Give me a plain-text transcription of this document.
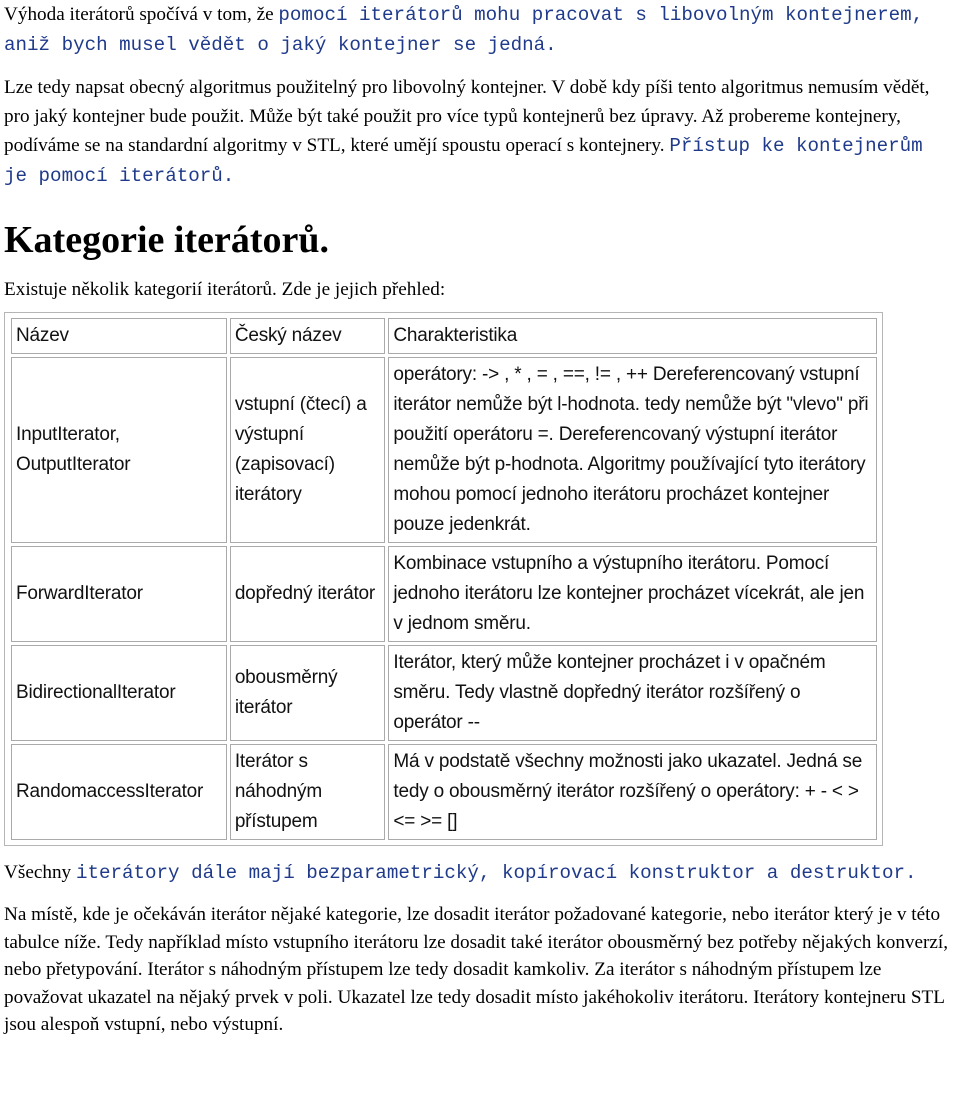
Výhoda iterátorů spočívá v tom, že pomocí iterátorů mohu pracovat s libovolným kontejnerem, aniž bych musel vědět o jaký kontejner se jedná.

Lze tedy napsat obecný algoritmus použitelný pro libovolný kontejner. V době kdy píši tento algoritmus nemusím vědět, pro jaký kontejner bude použit. Může být také použit pro více typů kontejnerů bez úpravy. Až probereme kontejnery, podíváme se na standardní algoritmy v STL, které umějí spoustu operací s kontejnery. Přístup ke kontejnerům je pomocí iterátorů.

Kategorie iterátorů.

Existuje několik kategorií iterátorů. Zde je jejich přehled:

Název	Český název	Charakteristika
InputIterator, OutputIterator	vstupní (čtecí) a výstupní (zapisovací) iterátory	operátory: -> , * , = , ==, != , ++ Dereferencovaný vstupní iterátor nemůže být l-hodnota. tedy nemůže být "vlevo" při použití operátoru =. Dereferencovaný výstupní iterátor nemůže být p-hodnota. Algoritmy používající tyto iterátory mohou pomocí jednoho iterátoru procházet kontejner pouze jedenkrát.
ForwardIterator	dopředný iterátor	Kombinace vstupního a výstupního iterátoru. Pomocí jednoho iterátoru lze kontejner procházet vícekrát, ale jen v jednom směru.
BidirectionalIterator	obousměrný iterátor	Iterátor, který může kontejner procházet i v opačném směru. Tedy vlastně dopředný iterátor rozšířený o operátor --
RandomaccessIterator	Iterátor s náhodným přístupem	Má v podstatě všechny možnosti jako ukazatel. Jedná se tedy o obousměrný iterátor rozšířený o operátory: + - < > <= >= []

Všechny iterátory dále mají bezparametrický, kopírovací konstruktor a destruktor.

Na místě, kde je očekáván iterátor nějaké kategorie, lze dosadit iterátor požadované kategorie, nebo iterátor který je v této tabulce níže. Tedy například místo vstupního iterátoru lze dosadit také iterátor obousměrný bez potřeby nějakých konverzí, nebo přetypování. Iterátor s náhodným přístupem lze tedy dosadit kamkoliv. Za iterátor s náhodným přístupem lze považovat ukazatel na nějaký prvek v poli. Ukazatel lze tedy dosadit místo jakéhokoliv iterátoru. Iterátory kontejneru STL jsou alespoň vstupní, nebo výstupní.
